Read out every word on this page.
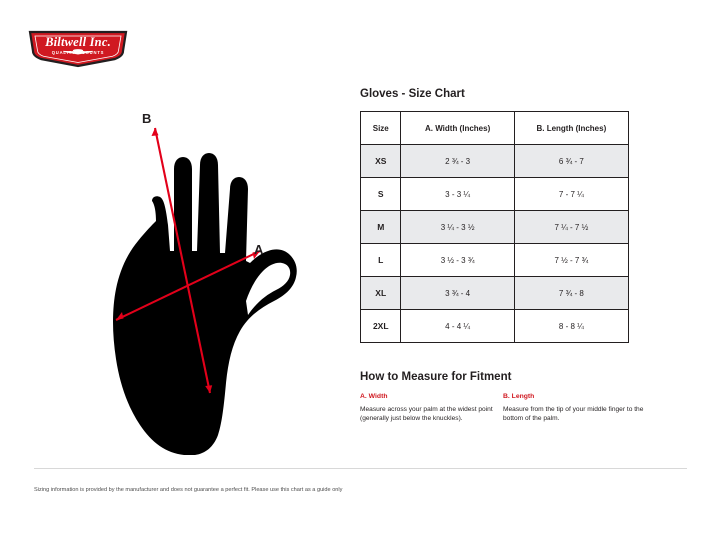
Biltwell Inc.
QUALITY • COUNTS
B
A
Gloves - Size Chart
Size	A. Width (Inches)	B. Length (Inches)
XS	2 ¾ - 3	6 ¾ - 7
S	3 - 3 ¼	7 - 7 ¼
M	3 ¼ - 3 ½	7 ¼ - 7 ½
L	3 ½ - 3 ¾	7 ½ - 7 ¾
XL	3 ¾ - 4	7 ¾ - 8
2XL	4 - 4 ¼	8 - 8 ¼
How to Measure for Fitment
A. Width
Measure across your palm at the widest point (generally just below the knuckles).
B. Length
Measure from the tip of your middle finger to the bottom of the palm.
Sizing information is provided by the manufacturer and does not guarantee a perfect fit. Please use this chart as a guide only
